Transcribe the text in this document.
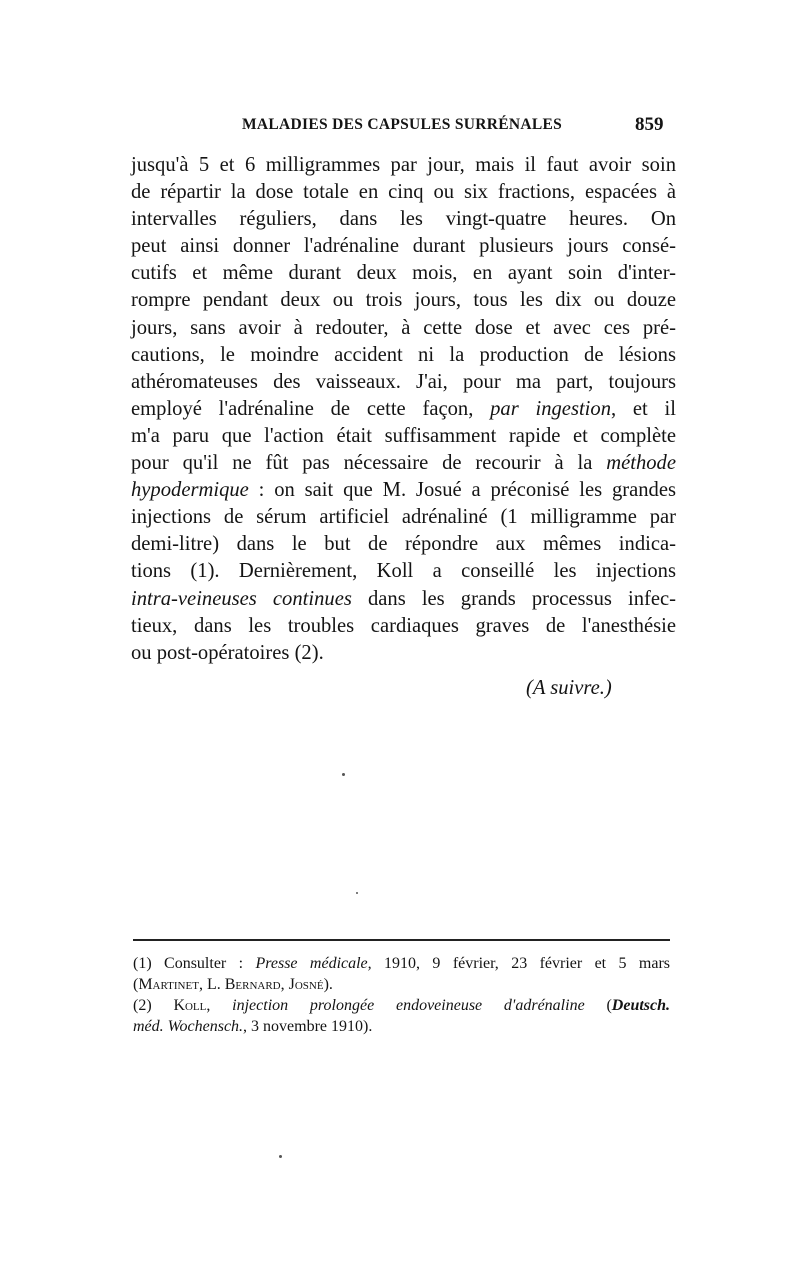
MALADIES DES CAPSULES SURRÉNALES	859
jusqu'à 5 et 6 milligrammes par jour, mais il faut avoir soin
de répartir la dose totale en cinq ou six fractions, espacées à
intervalles réguliers, dans les vingt-quatre heures. On
peut ainsi donner l'adrénaline durant plusieurs jours consé-
cutifs et même durant deux mois, en ayant soin d'inter-
rompre pendant deux ou trois jours, tous les dix ou douze
jours, sans avoir à redouter, à cette dose et avec ces pré-
cautions, le moindre accident ni la production de lésions
athéromateuses des vaisseaux. J'ai, pour ma part, toujours
employé l'adrénaline de cette façon, par ingestion, et il
m'a paru que l'action était suffisamment rapide et complète
pour qu'il ne fût pas nécessaire de recourir à la méthode
hypodermique : on sait que M. Josué a préconisé les grandes
injections de sérum artificiel adrénaliné (1 milligramme par
demi-litre) dans le but de répondre aux mêmes indica-
tions (1). Dernièrement, Koll a conseillé les injections
intra-veineuses continues dans les grands processus infec-
tieux, dans les troubles cardiaques graves de l'anesthésie
ou post-opératoires (2).
(A suivre.)
(1) Consulter : Presse médicale, 1910, 9 février, 23 février et 5 mars
(Martinet, L. Bernard, Josné).
(2) Koll, injection prolongée endoveineuse d'adrénaline (Deutsch.
méd. Wochensch., 3 novembre 1910).
